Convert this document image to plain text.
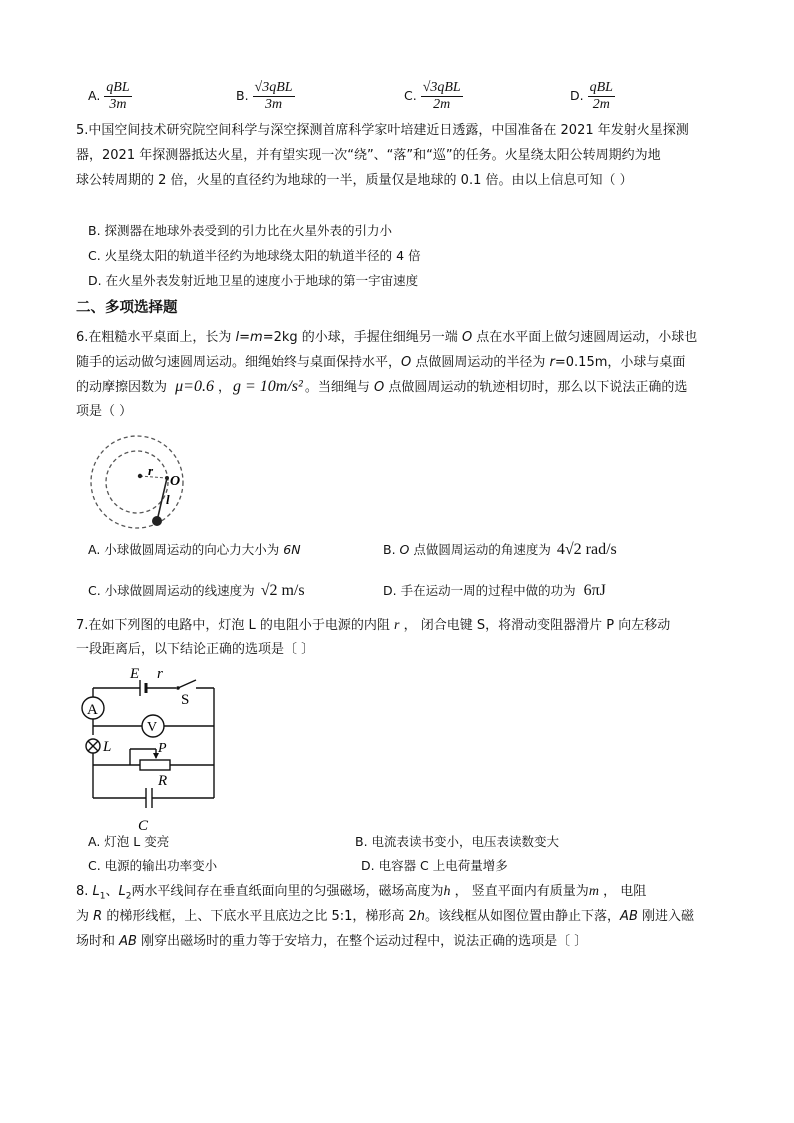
A. $\frac{\text{qBL}}{3m}$	B. $\frac{\text{√3qBL}}{3m}$	C. $\frac{\text{√3qBL}}{2m}$	D. $\frac{\text{qBL}}{2m}$
5.中国空间技术研究院空间科学与深空探测首席科学家叶培建近日透露，中国准备在 2021 年发射火星探测
器，2021 年探测器抵达火星，并有望实现一次“绕”、“落”和“巡”的任务。火星绕太阳公转周期约为地
球公转周期的 2 倍，火星的直径约为地球的一半，质量仅是地球的 0.1 倍。由以上信息可知（ ）
B. 探测器在地球外表受到的引力比在火星外表的引力小
C. 火星绕太阳的轨道半径约为地球绕太阳的轨道半径的 4 倍
D. 在火星外表发射近地卫星的速度小于地球的第一宇宙速度
二、多项选择题
6.在粗糙水平桌面上，长为 l=m=2kg 的小球，手握住细绳另一端 O 点在水平面上做匀速圆周运动，小球也
随手的运动做匀速圆周运动。细绳始终与桌面保持水平，O 点做圆周运动的半径为 r=0.15m，小球与桌面
的动摩擦因数为 μ=0.6 ， g = 10m/s² 。当细绳与 O 点做圆周运动的轨迹相切时，那么以下说法正确的选
项是（ ）
r
O
l
A. 小球做圆周运动的向心力大小为 6N	B. O 点做圆周运动的角速度为 4√2 rad/s
C. 小球做圆周运动的线速度为 √2 m/s	D. 手在运动一周的过程中做的功为 6πJ
7.在如下列图的电路中，灯泡 L 的电阻小于电源的内阻 r ， 闭合电键 S，将滑动变阻器滑片 P 向左移动
一段距离后，以下结论正确的选项是〔 〕
E r
S
A
V
L	P
R
C
A. 灯泡 L 变亮	B. 电流表读书变小，电压表读数变大
C. 电源的输出功率变小	D. 电容器 C 上电荷量增多
8. $L_1$、$L_2$两水平线间存在垂直纸面向里的匀强磁场，磁场高度为h ， 竖直平面内有质量为m ， 电阻
为 R 的梯形线框，上、下底水平且底边之比 5:1，梯形高 2h。该线框从如图位置由静止下落，AB 刚进入磁
场时和 AB 刚穿出磁场时的重力等于安培力，在整个运动过程中，说法正确的选项是〔 〕
